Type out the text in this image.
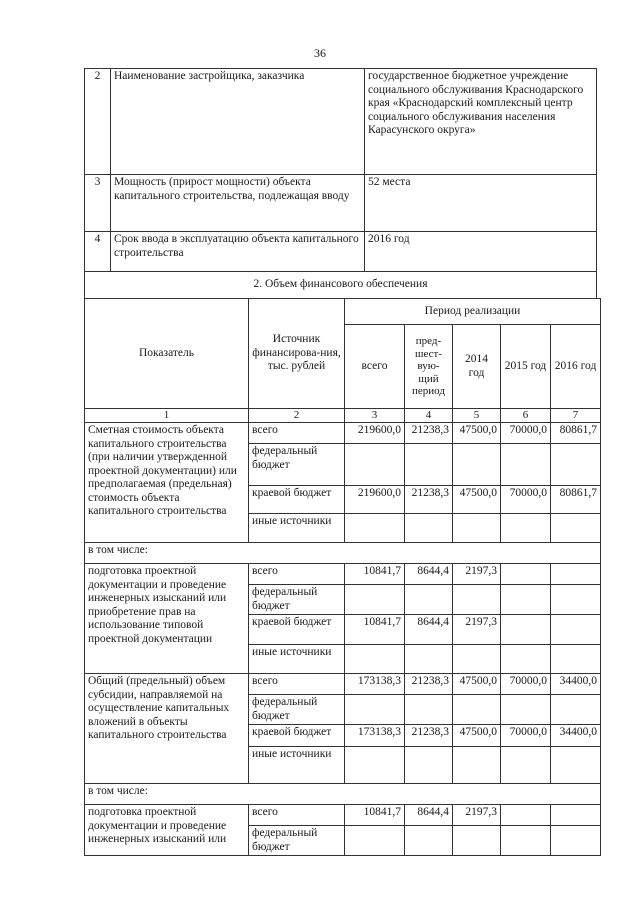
36
2	Наименование застройщика, заказчика	государственное бюджетное учреждение социального обслуживания Краснодарского края «Краснодарский комплексный центр социального обслуживания населения Карасунского округа»
3	Мощность (прирост мощности) объекта капитального строительства, подлежащая вводу	52 места
4	Срок ввода в эксплуатацию объекта капитального строительства	2016 год
2. Объем финансового обеспечения		
Показатель	Источник финансирова-ния, тыс. рублей	Период реализации				
		всего	пред-шест-вую-щий период	2014 год	2015 год	2016 год
1	2	3	4	5	6	7
Сметная стоимость объекта капитального строительства (при наличии утвержденной проектной документации) или предполагаемая (предельная) стоимость объекта капитального строительства	всего	219600,0	21238,3	47500,0	70000,0	80861,7
	федеральный бюджет					
	краевой бюджет	219600,0	21238,3	47500,0	70000,0	80861,7
	иные источники					
в том числе:						
подготовка проектной документации и проведение инженерных изысканий или приобретение прав на использование типовой проектной документации	всего	10841,7	8644,4	2197,3		
	федеральный бюджет					
	краевой бюджет	10841,7	8644,4	2197,3		
	иные источники					
Общий (предельный) объем субсидии, направляемой на осуществление капитальных вложений в объекты капитального строительства	всего	173138,3	21238,3	47500,0	70000,0	34400,0
	федеральный бюджет					
	краевой бюджет	173138,3	21238,3	47500,0	70000,0	34400,0
	иные источники					
в том числе:						
подготовка проектной документации и проведение инженерных изысканий или	всего	10841,7	8644,4	2197,3		
	федеральный бюджет					
